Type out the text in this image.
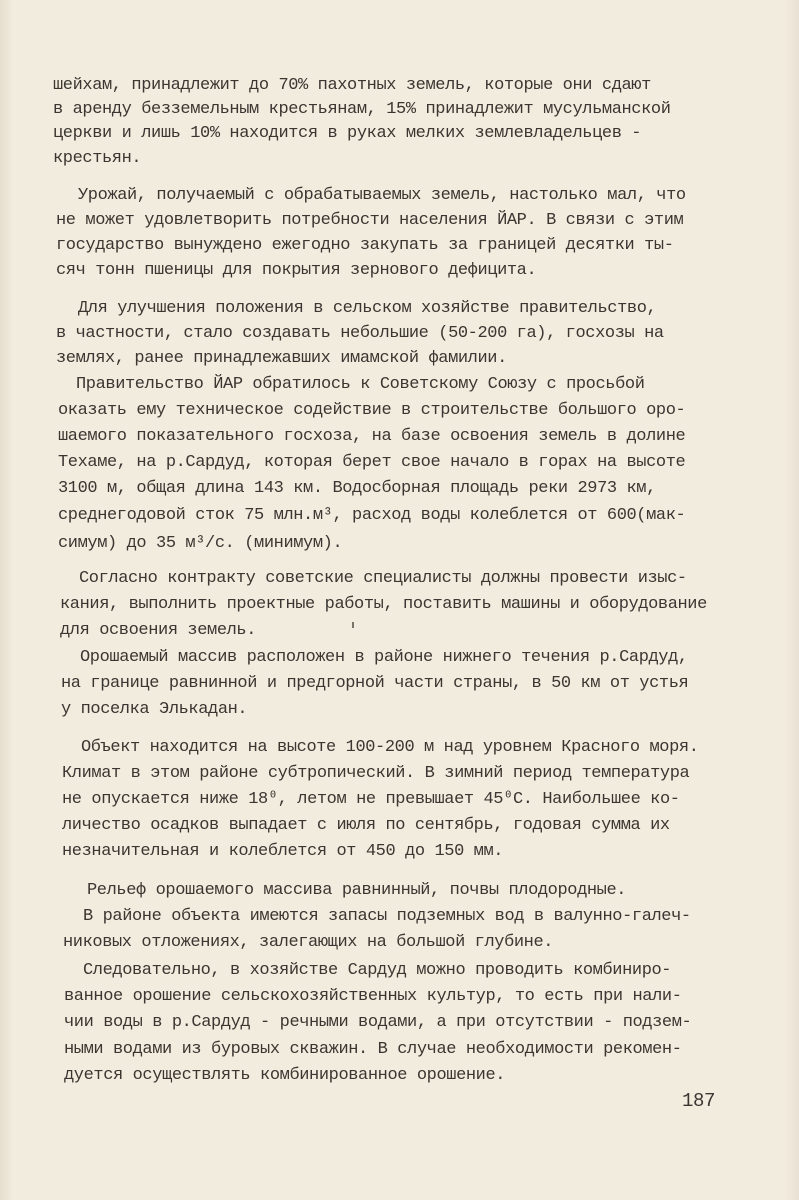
шейхам, принадлежит до 70% пахотных земель, которые они сдают
в аренду безземельным крестьянам, 15% принадлежит мусульманской
церкви и лишь 10% находится в руках мелких землевладельцев -
крестьян.
Урожай, получаемый с обрабатываемых земель, настолько мал, что
не может удовлетворить потребности населения ЙАР. В связи с этим
государство вынуждено ежегодно закупать за границей десятки ты-
сяч тонн пшеницы для покрытия зернового дефицита.
Для улучшения положения в сельском хозяйстве правительство,
в частности, стало создавать небольшие (50-200 га), госхозы на
землях, ранее принадлежавших имамской фамилии.
Правительство ЙАР обратилось к Советскому Союзу с просьбой
оказать ему техническое содействие в строительстве большого оро-
шаемого показательного госхоза, на базе освоения земель в долине
Техаме, на р.Сардуд, которая берет свое начало в горах на высоте
3100 м, общая длина 143 км. Водосборная площадь реки 2973 км,
среднегодовой сток 75 млн.м³, расход воды колеблется от 600(мак-
симум) до 35 м³/с. (минимум).
Согласно контракту советские специалисты должны провести изыс-
кания, выполнить проектные работы, поставить машины и оборудование
для освоения земель.
Орошаемый массив расположен в районе нижнего течения р.Сардуд,
на границе равнинной и предгорной части страны, в 50 км от устья
у поселка Элькадан.
Объект находится на высоте 100-200 м над уровнем Красного моря.
Климат в этом районе субтропический. В зимний период температура
не опускается ниже 18⁰, летом не превышает 45⁰С. Наибольшее ко-
личество осадков выпадает с июля по сентябрь, годовая сумма их
незначительная и колеблется от 450 до 150 мм.
Рельеф орошаемого массива равнинный, почвы плодородные.
В районе объекта имеются запасы подземных вод в валунно-галеч-
никовых отложениях, залегающих на большой глубине.
Следовательно, в хозяйстве Сардуд можно проводить комбиниро-
ванное орошение сельскохозяйственных культур, то есть при нали-
чии воды в р.Сардуд - речными водами, а при отсутствии - подзем-
ными водами из буровых скважин. В случае необходимости рекомен-
дуется осуществлять комбинированное орошение.
187
